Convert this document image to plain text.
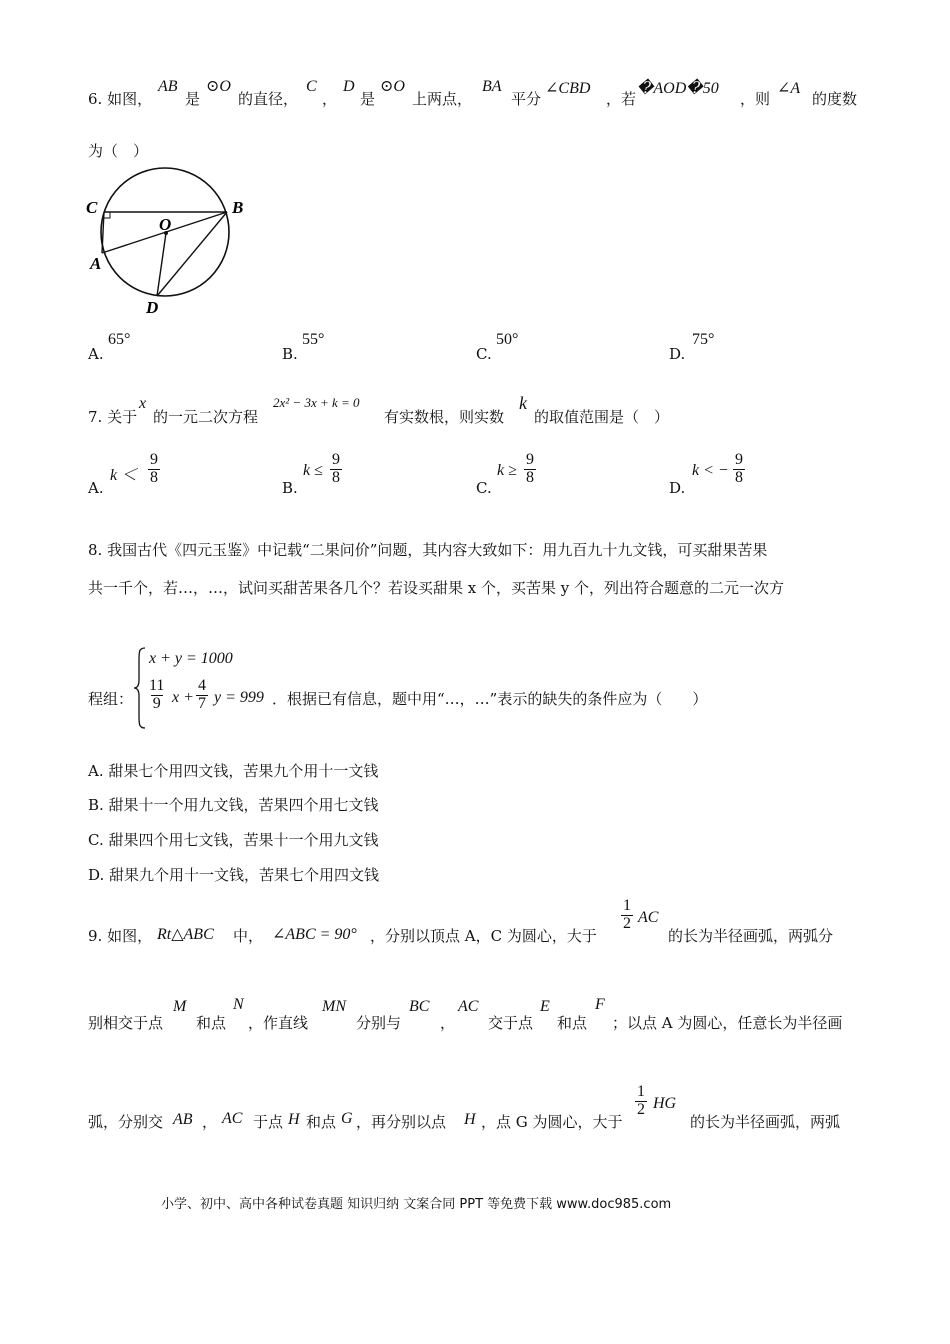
6. 如图，
AB
是
⊙O
的直径，
C
，
D
是
⊙O
上两点，
BA
平分
∠CBD
，若
�AOD�50
，则
∠A
的度数
为（　）
C	B
O
A
D
A.
65°
B.
55°
C.
50°
D.
75°
7. 关于
x
的一元二次方程
2x² − 3x + k = 0
有实数根，则实数
k
的取值范围是（　）
A.
$k < \frac{9}{8}$
B.
$k \le \frac{9}{8}$
C.
$k \ge \frac{9}{8}$
D.
k < − $\frac{9}{8}$
8. 我国古代《四元玉鉴》中记载“二果问价”问题，其内容大致如下：用九百九十九文钱，可买甜果苦果
共一千个，若…，…，试问买甜苦果各几个？若设买甜果 x 个，买苦果 y 个，列出符合题意的二元一次方
程组：
x + y = 1000
$\frac{11}{9}$ $x + \frac{4}{7}$ y = 999 ．根据已有信息，题中用“…，…”表示的缺失的条件应为（　　）
A. 甜果七个用四文钱，苦果九个用十一文钱
B. 甜果十一个用九文钱，苦果四个用七文钱
C. 甜果四个用七文钱，苦果十一个用九文钱
D. 甜果九个用十一文钱，苦果七个用四文钱
9. 如图， Rt△ABC 中， ∠ABC = 90° ，分别以顶点 A，C 为圆心，大于
$\frac{1}{2}$ AC
的长为半径画弧，两弧分
别相交于点
M
和点
N
，作直线
MN
分别与
BC
，
AC
交于点
E
和点
F
；以点 A 为圆心，任意长为半径画
弧，分别交 AB ， AC 于点 H 和点 G ，再分别以点 H ，点 G 为圆心，大于
$\frac{1}{2}$ HG
的长为半径画弧，两弧
小学、初中、高中各种试卷真题 知识归纳 文案合同 PPT 等免费下载 www.doc985.com
